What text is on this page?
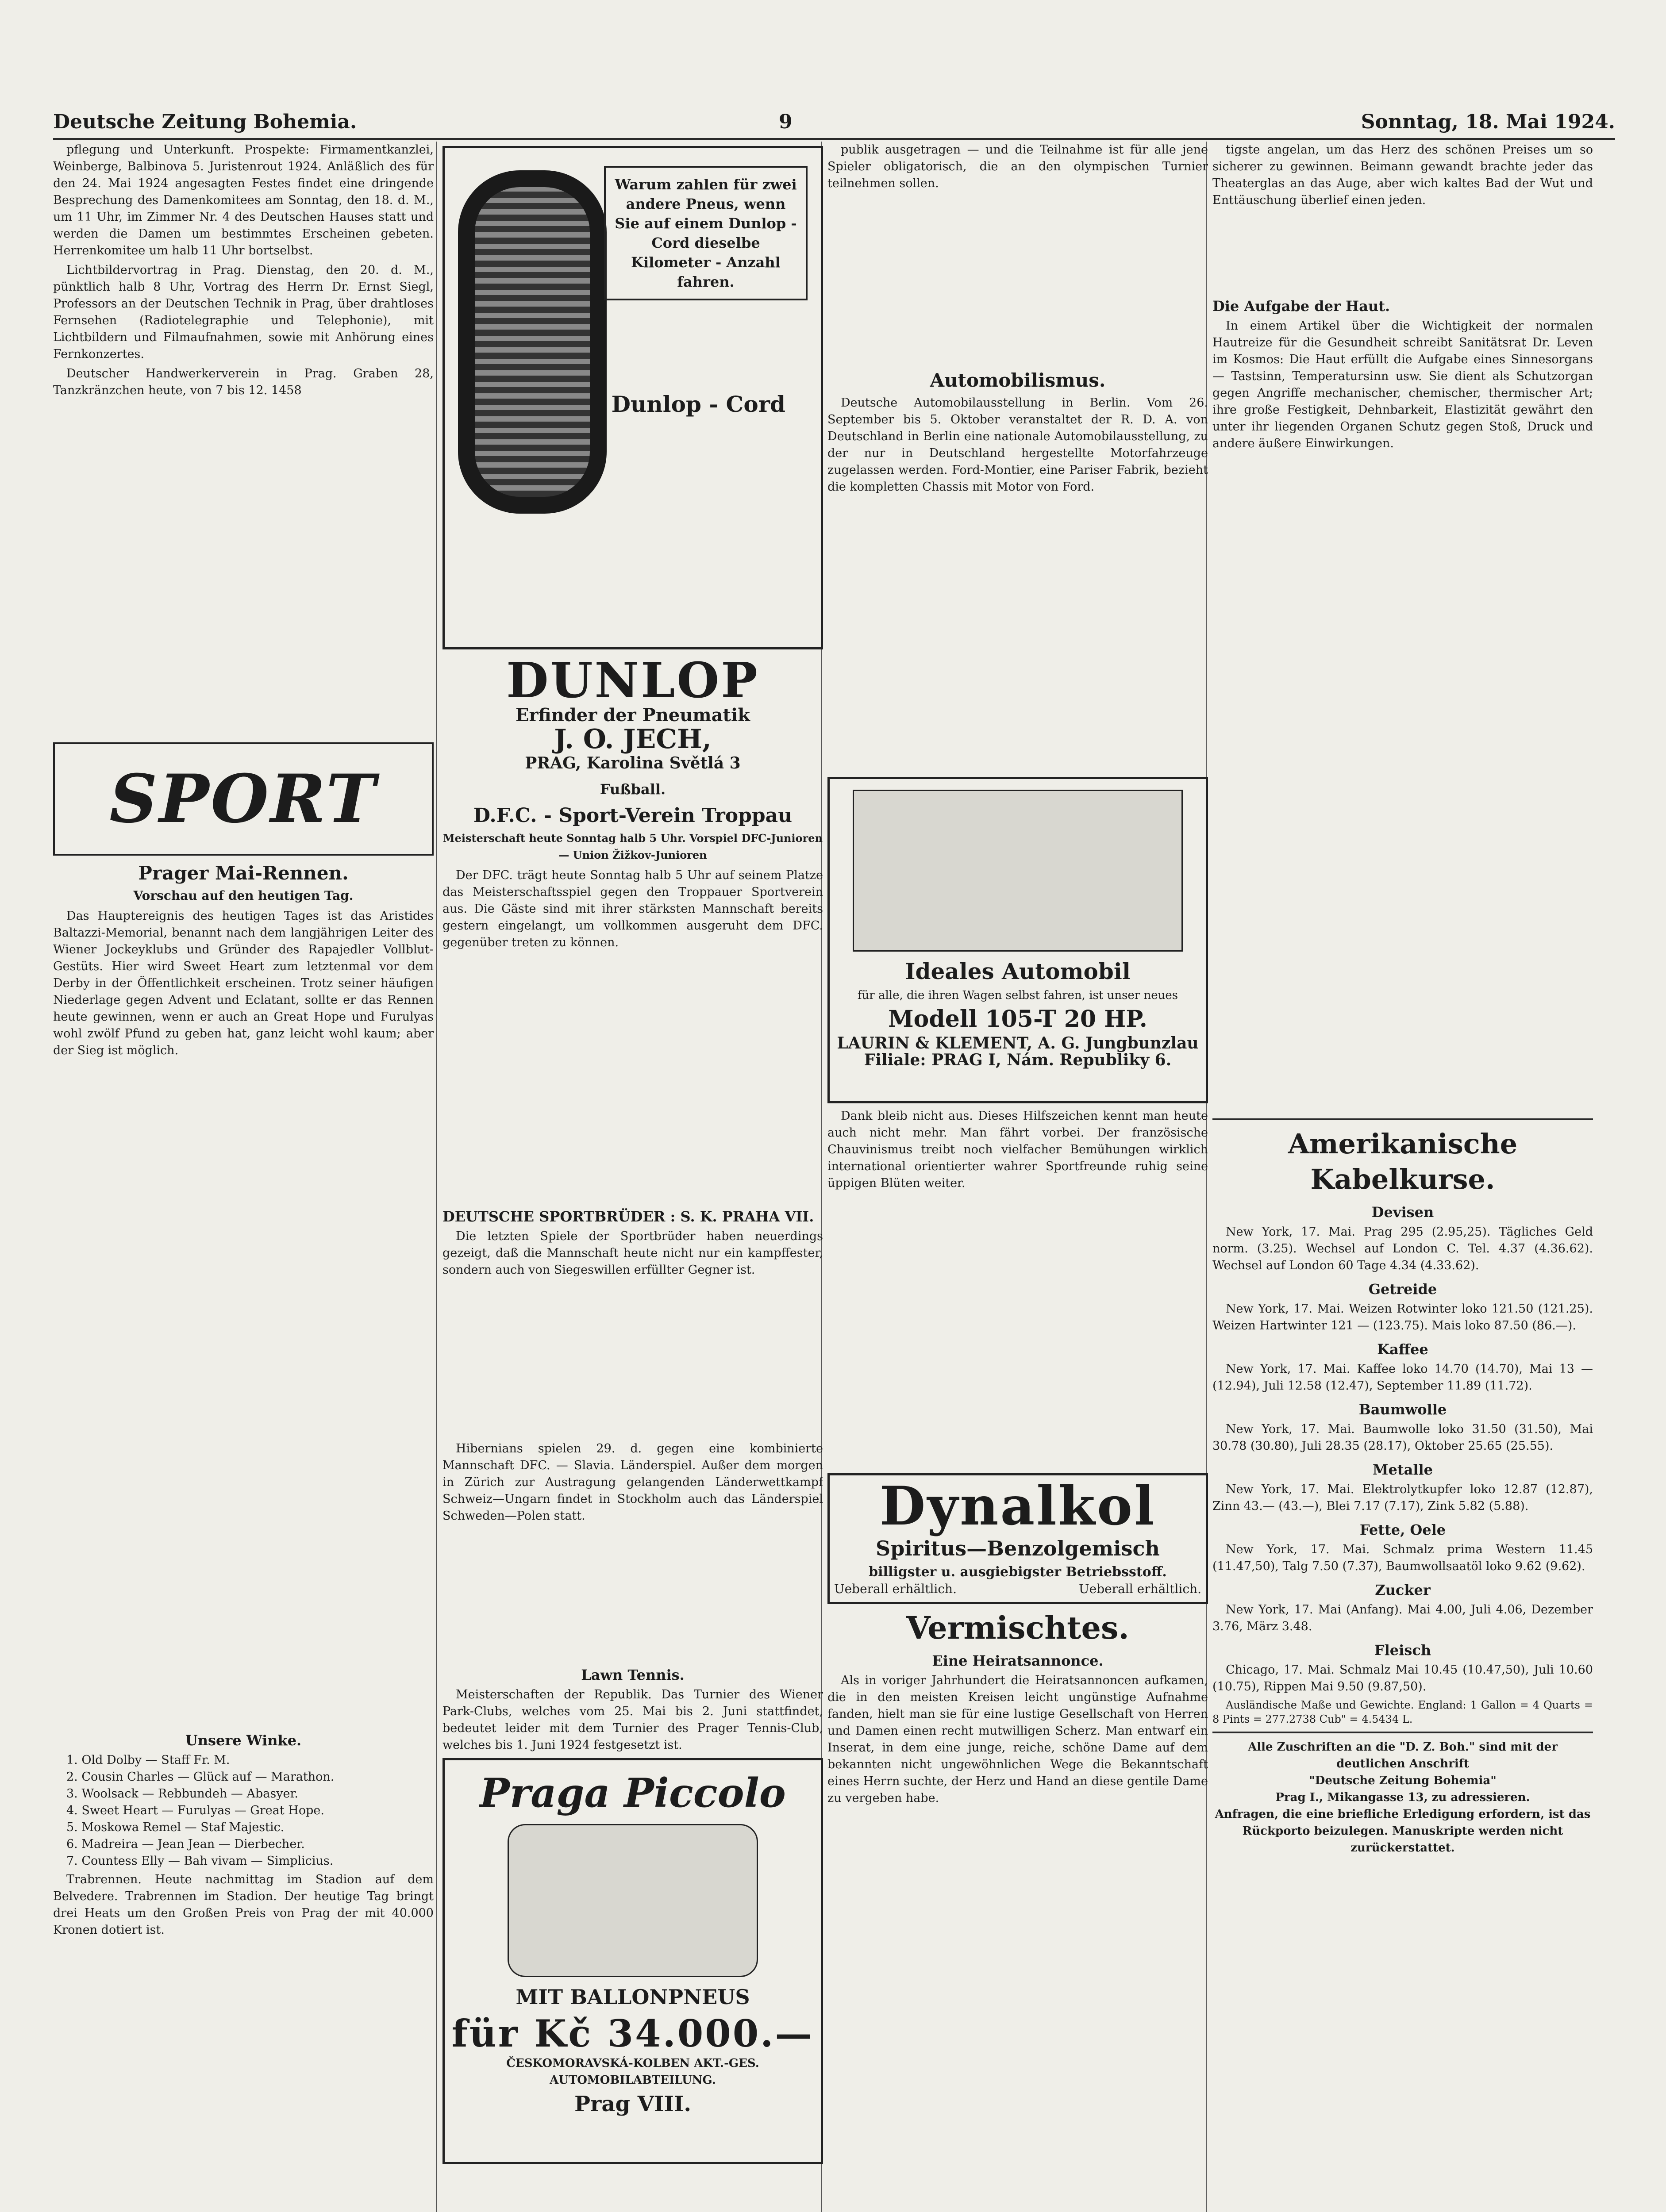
Deutsche Zeitung Bohemia.	9	Sonntag, 18. Mai 1924.

pflegung und Unterkunft. Prospekte: Firmamentkanzlei, Weinberge, Balbinova 5. Juristenrout 1924. Anläßlich des für den 24. Mai 1924 angesagten Festes findet eine dringende Besprechung des Damenkomitees am Sonntag, den 18. d. M., um 11 Uhr, im Zimmer Nr. 4 des Deutschen Hauses statt und werden die Damen um bestimmtes Erscheinen gebeten. Herrenkomitee um halb 11 Uhr bortselbst.

Lichtbildervortrag in Prag. Dienstag, den 20. d. M., pünktlich halb 8 Uhr, Vortrag des Herrn Dr. Ernst Siegl, Professors an der Deutschen Technik in Prag, über drahtloses Fernsehen (Radiotelegraphie und Telephonie), mit Lichtbildern und Filmaufnahmen, sowie mit Anhörung eines Fernkonzertes.

Deutscher Handwerkerverein in Prag. Graben 28, Tanzkränzchen heute, von 7 bis 12. 1458

SPORT
Prager Mai-Rennen.
Vorschau auf den heutigen Tag.

Das Hauptereignis des heutigen Tages ist das Aristides Baltazzi-Memorial, benannt nach dem langjährigen Leiter des Wiener Jockeyklubs und Gründer des Rapajedler Vollblut-Gestüts. Hier wird Sweet Heart zum letztenmal vor dem Derby in der Öffentlichkeit erscheinen. Trotz seiner häufigen Niederlage gegen Advent und Eclatant, sollte er das Rennen heute gewinnen, wenn er auch an Great Hope und Furulyas wohl zwölf Pfund zu geben hat, ganz leicht wohl kaum; aber der Sieg ist möglich.

Unsere Winke.
1. Old Dolby — Staff Fr. M.
2. Cousin Charles — Glück auf — Marathon.
3. Woolsack — Rebbundeh — Abasyer.
4. Sweet Heart — Furulyas — Great Hope.
5. Moskowa Remel — Staf Majestic.
6. Madreira — Jean Jean — Dierbecher.
7. Countess Elly — Bah vivam — Simplicius.

Trabrennen. Heute nachmittag im Stadion auf dem Belvedere. Trabrennen im Stadion. Der heutige Tag bringt drei Heats um den Großen Preis von Prag der mit 40.000 Kronen dotiert ist.

Warum zahlen für zwei andere Pneus, wenn Sie auf einem Dunlop - Cord dieselbe Kilometer - Anzahl fahren.
Dunlop - Cord
DUNLOP
Erfinder der Pneumatik
J. O. JECH,
PRAG, Karolina Světlá 3
Fußball.
D.F.C. - Sport-Verein Troppau
Meisterschaft heute Sonntag halb 5 Uhr. Vorspiel DFC-Junioren — Union Žižkov-Junioren

Der DFC. trägt heute Sonntag halb 5 Uhr auf seinem Platze das Meisterschaftsspiel gegen den Troppauer Sportverein aus. Die Gäste sind mit ihrer stärksten Mannschaft bereits gestern eingelangt, um vollkommen ausgeruht dem DFC. gegenüber treten zu können.

DEUTSCHE SPORTBRÜDER : S. K. PRAHA VII.

Die letzten Spiele der Sportbrüder haben neuerdings gezeigt, daß die Mannschaft heute nicht nur ein kampffester, sondern auch von Siegeswillen erfüllter Gegner ist.

Hibernians spielen 29. d. gegen eine kombinierte Mannschaft DFC. — Slavia. Länderspiel. Außer dem morgen in Zürich zur Austragung gelangenden Länderwettkampf Schweiz—Ungarn findet in Stockholm auch das Länderspiel Schweden—Polen statt.

Lawn Tennis.

Meisterschaften der Republik. Das Turnier des Wiener Park-Clubs, welches vom 25. Mai bis 2. Juni stattfindet, bedeutet leider mit dem Turnier des Prager Tennis-Club, welches bis 1. Juni 1924 festgesetzt ist.

Praga Piccolo
MIT BALLONPNEUS
für Kč 34.000.—
ČESKOMORAVSKÁ-KOLBEN AKT.-GES. AUTOMOBILABTEILUNG.
Prag VIII.

publik ausgetragen — und die Teilnahme ist für alle jene Spieler obligatorisch, die an den olympischen Turnier teilnehmen sollen.

Automobilismus.

Deutsche Automobilausstellung in Berlin. Vom 26. September bis 5. Oktober veranstaltet der R. D. A. von Deutschland in Berlin eine nationale Automobilausstellung, zu der nur in Deutschland hergestellte Motorfahrzeuge zugelassen werden. Ford-Montier, eine Pariser Fabrik, bezieht die kompletten Chassis mit Motor von Ford.

Ideales Automobil
für alle, die ihren Wagen selbst fahren, ist unser neues
Modell 105-T 20 HP.
LAURIN & KLEMENT, A. G. Jungbunzlau
Filiale: PRAG I, Nám. Republiky 6.

Dank bleib nicht aus. Dieses Hilfszeichen kennt man heute auch nicht mehr. Man fährt vorbei. Der französische Chauvinismus treibt noch vielfacher Bemühungen wirklich international orientierter wahrer Sportfreunde ruhig seine üppigen Blüten weiter.

Dynalkol
Spiritus—Benzolgemisch
billigster u. ausgiebigster Betriebsstoff.
Ueberall erhältlich.	Ueberall erhältlich.
Vermischtes.
Eine Heiratsannonce.

Als in voriger Jahrhundert die Heiratsannoncen aufkamen, die in den meisten Kreisen leicht ungünstige Aufnahme fanden, hielt man sie für eine lustige Gesellschaft von Herren und Damen einen recht mutwilligen Scherz. Man entwarf ein Inserat, in dem eine junge, reiche, schöne Dame auf dem bekannten nicht ungewöhnlichen Wege die Bekanntschaft eines Herrn suchte, der Herz und Hand an diese gentile Dame zu vergeben habe.

tigste angelan, um das Herz des schönen Preises um so sicherer zu gewinnen. Beimann gewandt brachte jeder das Theaterglas an das Auge, aber wich kaltes Bad der Wut und Enttäuschung überlief einen jeden.

Die Aufgabe der Haut.

In einem Artikel über die Wichtigkeit der normalen Hautreize für die Gesundheit schreibt Sanitätsrat Dr. Leven im Kosmos: Die Haut erfüllt die Aufgabe eines Sinnesorgans — Tastsinn, Temperatursinn usw. Sie dient als Schutzorgan gegen Angriffe mechanischer, chemischer, thermischer Art; ihre große Festigkeit, Dehnbarkeit, Elastizität gewährt den unter ihr liegenden Organen Schutz gegen Stoß, Druck und andere äußere Einwirkungen.

Amerikanische Kabelkurse.
Devisen

New York, 17. Mai. Prag 295 (2.95,25). Tägliches Geld norm. (3.25). Wechsel auf London C. Tel. 4.37 (4.36.62). Wechsel auf London 60 Tage 4.34 (4.33.62).

Getreide

New York, 17. Mai. Weizen Rotwinter loko 121.50 (121.25). Weizen Hartwinter 121 — (123.75). Mais loko 87.50 (86.—).

Kaffee

New York, 17. Mai. Kaffee loko 14.70 (14.70), Mai 13 — (12.94), Juli 12.58 (12.47), September 11.89 (11.72).

Baumwolle

New York, 17. Mai. Baumwolle loko 31.50 (31.50), Mai 30.78 (30.80), Juli 28.35 (28.17), Oktober 25.65 (25.55).

Metalle

New York, 17. Mai. Elektrolytkupfer loko 12.87 (12.87), Zinn 43.— (43.—), Blei 7.17 (7.17), Zink 5.82 (5.88).

Fette, Oele

New York, 17. Mai. Schmalz prima Western 11.45 (11.47,50), Talg 7.50 (7.37), Baumwollsaatöl loko 9.62 (9.62).

Zucker

New York, 17. Mai (Anfang). Mai 4.00, Juli 4.06, Dezember 3.76, März 3.48.

Fleisch

Chicago, 17. Mai. Schmalz Mai 10.45 (10.47,50), Juli 10.60 (10.75), Rippen Mai 9.50 (9.87,50).

Ausländische Maße und Gewichte. England: 1 Gallon = 4 Quarts = 8 Pints = 277.2738 Cub" = 4.5434 L.

Alle Zuschriften an die "D. Z. Boh." sind mit der deutlichen Anschrift
"Deutsche Zeitung Bohemia"
Prag I., Mikangasse 13, zu adressieren.
Anfragen, die eine briefliche Erledigung erfordern, ist das Rückporto beizulegen. Manuskripte werden nicht zurückerstattet.
